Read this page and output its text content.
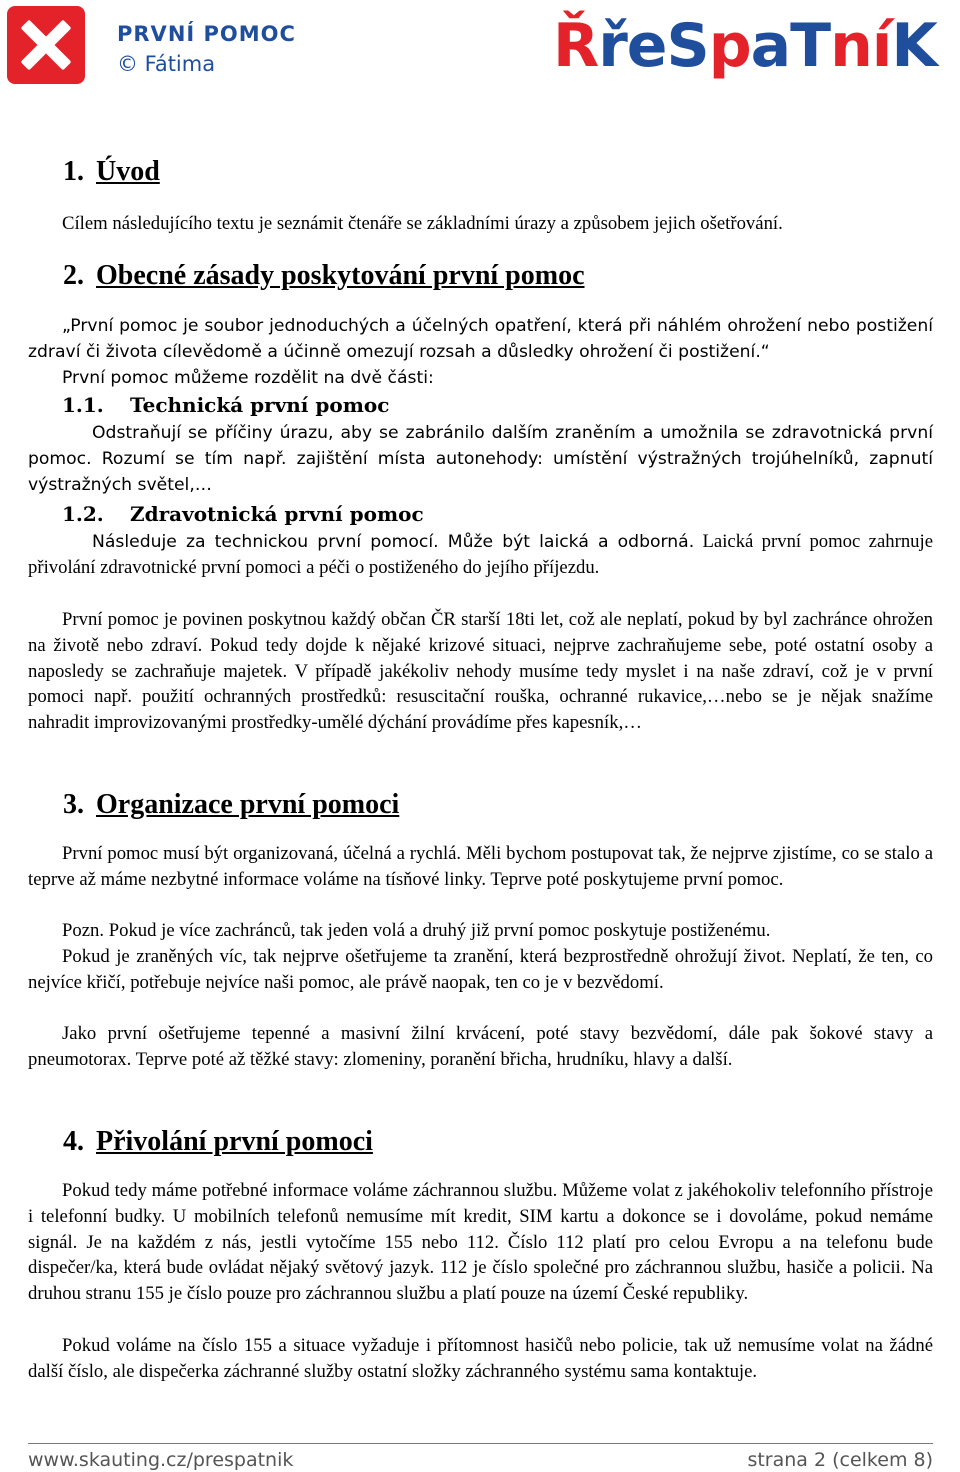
PRVNÍ POMOC
© Fátima	ŘřeSpaTníK
1. Úvod

Cílem následujícího textu je seznámit čtenáře se základními úrazy a způsobem jejich ošetřování.

2. Obecné zásady poskytování první pomoc

„První pomoc je soubor jednoduchých a účelných opatření, která při náhlém ohrožení nebo postižení zdraví či života cílevědomě a účinně omezují rozsah a důsledky ohrožení či postižení.“

První pomoc můžeme rozdělit na dvě části:

1.1. Technická první pomoc

Odstraňují se příčiny úrazu, aby se zabránilo dalším zraněním a umožnila se zdravotnická první pomoc. Rozumí se tím např. zajištění místa autonehody: umístění výstražných trojúhelníků, zapnutí výstražných světel,…

1.2. Zdravotnická první pomoc

Následuje za technickou první pomocí. Může být laická a odborná. Laická první pomoc zahrnuje přivolání zdravotnické první pomoci a péči o postiženého do jejího příjezdu.

První pomoc je povinen poskytnou každý občan ČR starší 18ti let, což ale neplatí, pokud by byl zachránce ohrožen na životě nebo zdraví. Pokud tedy dojde k nějaké krizové situaci, nejprve zachraňujeme sebe, poté ostatní osoby a naposledy se zachraňuje majetek. V případě jakékoliv nehody musíme tedy myslet i na naše zdraví, což je v první pomoci např. použití ochranných prostředků: resuscitační rouška, ochranné rukavice,…nebo se je nějak snažíme nahradit improvizovanými prostředky-umělé dýchání provádíme přes kapesník,…

3. Organizace první pomoci

První pomoc musí být organizovaná, účelná a rychlá. Měli bychom postupovat tak, že nejprve zjistíme, co se stalo a teprve až máme nezbytné informace voláme na tísňové linky. Teprve poté poskytujeme první pomoc.

Pozn. Pokud je více zachránců, tak jeden volá a druhý již první pomoc poskytuje postiženému.

Pokud je zraněných víc, tak nejprve ošetřujeme ta zranění, která bezprostředně ohrožují život. Neplatí, že ten, co nejvíce křičí, potřebuje nejvíce naši pomoc, ale právě naopak, ten co je v bezvědomí.

Jako první ošetřujeme tepenné a masivní žilní krvácení, poté stavy bezvědomí, dále pak šokové stavy a pneumotorax. Teprve poté až těžké stavy: zlomeniny, poranění břicha, hrudníku, hlavy a další.

4. Přivolání první pomoci

Pokud tedy máme potřebné informace voláme záchrannou službu. Můžeme volat z jakéhokoliv telefonního přístroje i telefonní budky. U mobilních telefonů nemusíme mít kredit, SIM kartu a dokonce se i dovoláme, pokud nemáme signál. Je na každém z nás, jestli vytočíme 155 nebo 112. Číslo 112 platí pro celou Evropu a na telefonu bude dispečer/ka, která bude ovládat nějaký světový jazyk. 112 je číslo společné pro záchrannou službu, hasiče a policii. Na druhou stranu 155 je číslo pouze pro záchrannou službu a platí pouze na území České republiky.

Pokud voláme na číslo 155 a situace vyžaduje i přítomnost hasičů nebo policie, tak už nemusíme volat na žádné další číslo, ale dispečerka záchranné služby ostatní složky záchranného systému sama kontaktuje.

www.skauting.cz/prespatnik	strana 2 (celkem 8)
